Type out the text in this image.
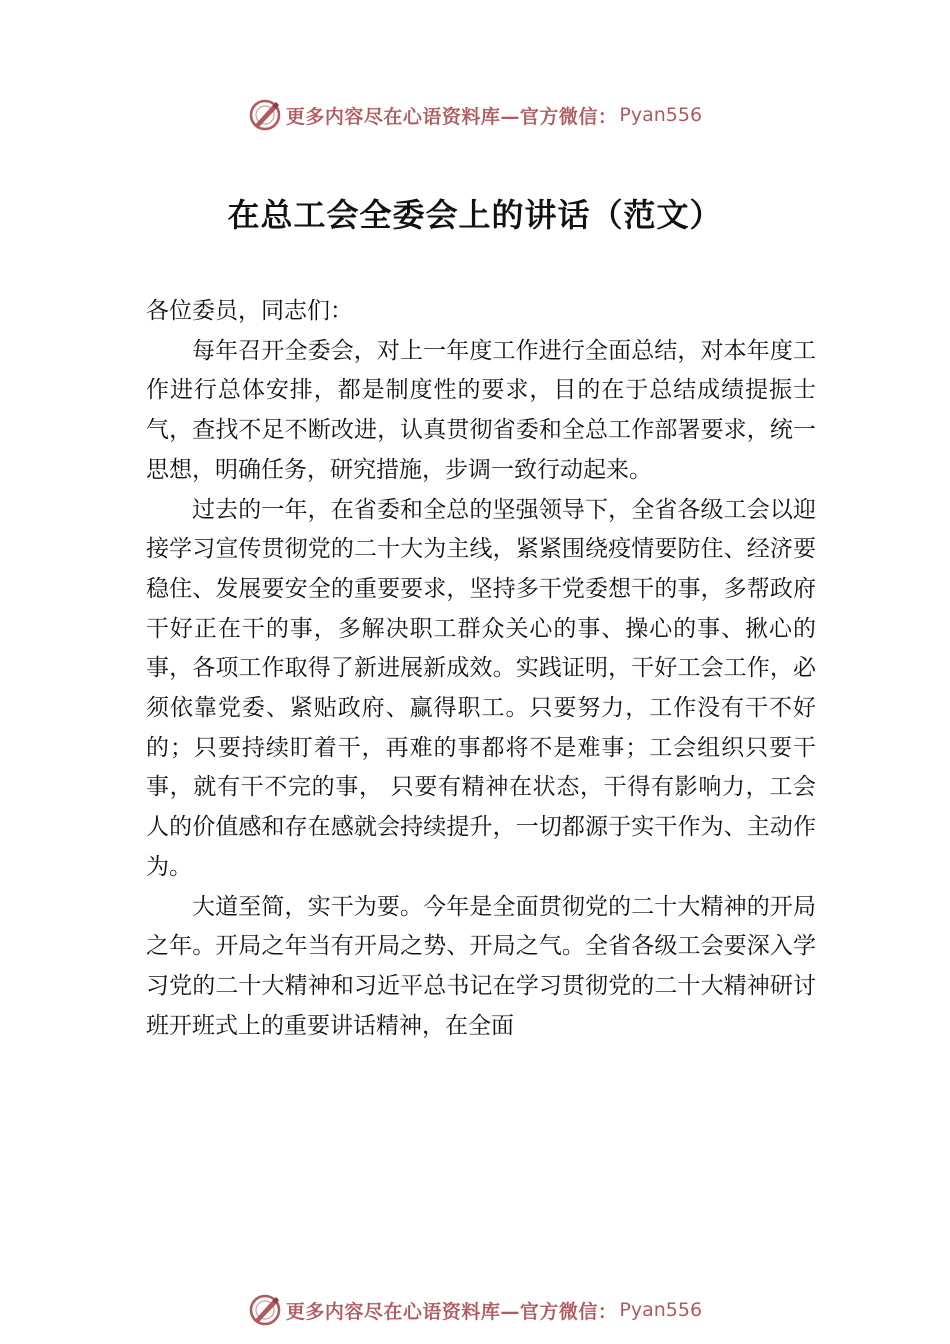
更多内容尽在心语资料库—官方微信： Pyan556
在总工会全委会上的讲话（范文）

各位委员，同志们：

每年召开全委会，对上一年度工作进行全面总结，对本年度工作进行总体安排，都是制度性的要求，目的在于总结成绩提振士气，查找不足不断改进，认真贯彻省委和全总工作部署要求，统一思想，明确任务，研究措施，步调一致行动起来。

过去的一年，在省委和全总的坚强领导下，全省各级工会以迎接学习宣传贯彻党的二十大为主线，紧紧围绕疫情要防住、经济要稳住、发展要安全的重要要求，坚持多干党委想干的事，多帮政府干好正在干的事，多解决职工群众关心的事、操心的事、揪心的事，各项工作取得了新进展新成效。实践证明，干好工会工作，必须依靠党委、紧贴政府、赢得职工。只要努力，工作没有干不好的；只要持续盯着干，再难的事都将不是难事；工会组织只要干事，就有干不完的事， 只要有精神在状态，干得有影响力，工会人的价值感和存在感就会持续提升，一切都源于实干作为、主动作为。

大道至简，实干为要。今年是全面贯彻党的二十大精神的开局之年。开局之年当有开局之势、开局之气。全省各级工会要深入学习党的二十大精神和习近平总书记在学习贯彻党的二十大精神研讨班开班式上的重要讲话精神，在全面

更多内容尽在心语资料库—官方微信： Pyan556
